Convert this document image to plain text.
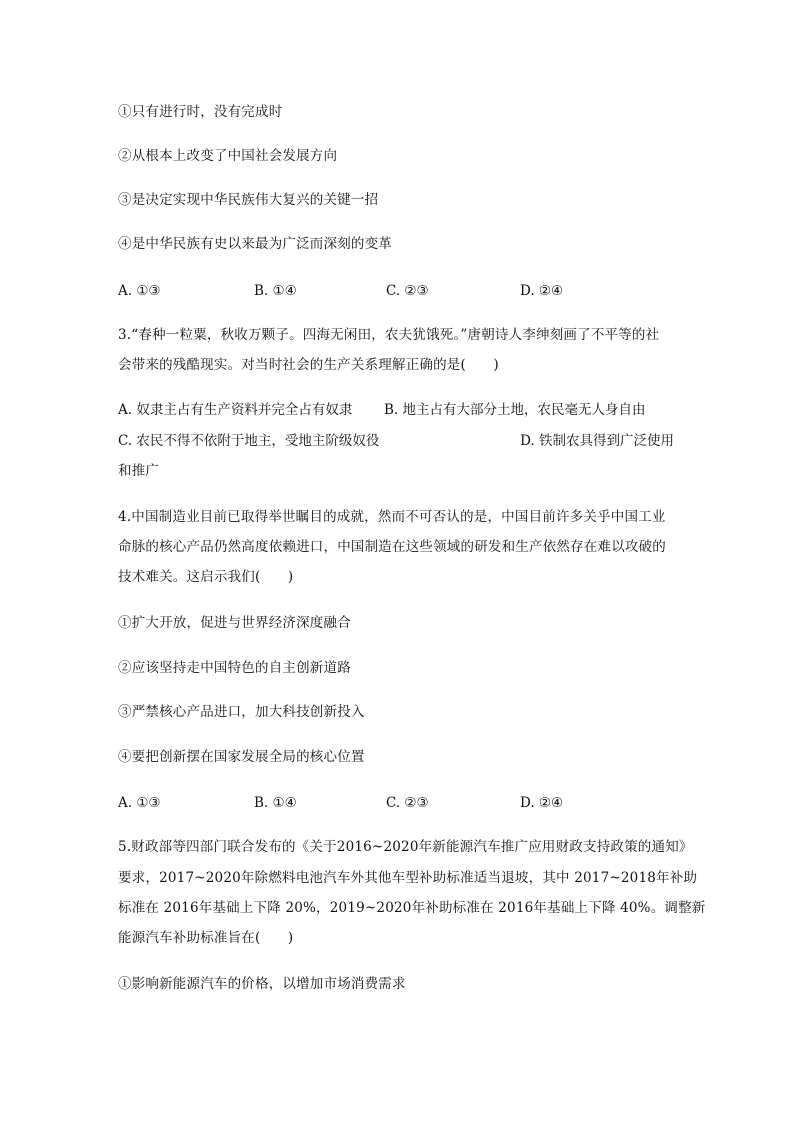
①只有进行时，没有完成时
②从根本上改变了中国社会发展方向
③是决定实现中华民族伟大复兴的关键一招
④是中华民族有史以来最为广泛而深刻的变革
A. ①③	B. ①④	C. ②③	D. ②④
3.“春种一粒粟，秋收万颗子。四海无闲田，农夫犹饿死。”唐朝诗人李绅刻画了不平等的社
会带来的残酷现实。对当时社会的生产关系理解正确的是(　　)
A. 奴隶主占有生产资料并完全占有奴隶 B. 地主占有大部分土地，农民毫无人身自由
C. 农民不得不依附于地主，受地主阶级奴役	D. 铁制农具得到广泛使用
和推广
4.中国制造业目前已取得举世瞩目的成就，然而不可否认的是，中国目前许多关乎中国工业
命脉的核心产品仍然高度依赖进口，中国制造在这些领域的研发和生产依然存在难以攻破的
技术难关。这启示我们(　　)
①扩大开放，促进与世界经济深度融合
②应该坚持走中国特色的自主创新道路
③严禁核心产品进口，加大科技创新投入
④要把创新摆在国家发展全局的核心位置
A. ①③	B. ①④	C. ②③	D. ②④
5.财政部等四部门联合发布的《关于2016~2020年新能源汽车推广应用财政支持政策的通知》
要求，2017~2020年除燃料电池汽车外其他车型补助标准适当退坡，其中 2017~2018年补助
标准在 2016年基础上下降 20%，2019~2020年补助标准在 2016年基础上下降 40%。调整新
能源汽车补助标准旨在(　　)
①影响新能源汽车的价格，以增加市场消费需求
